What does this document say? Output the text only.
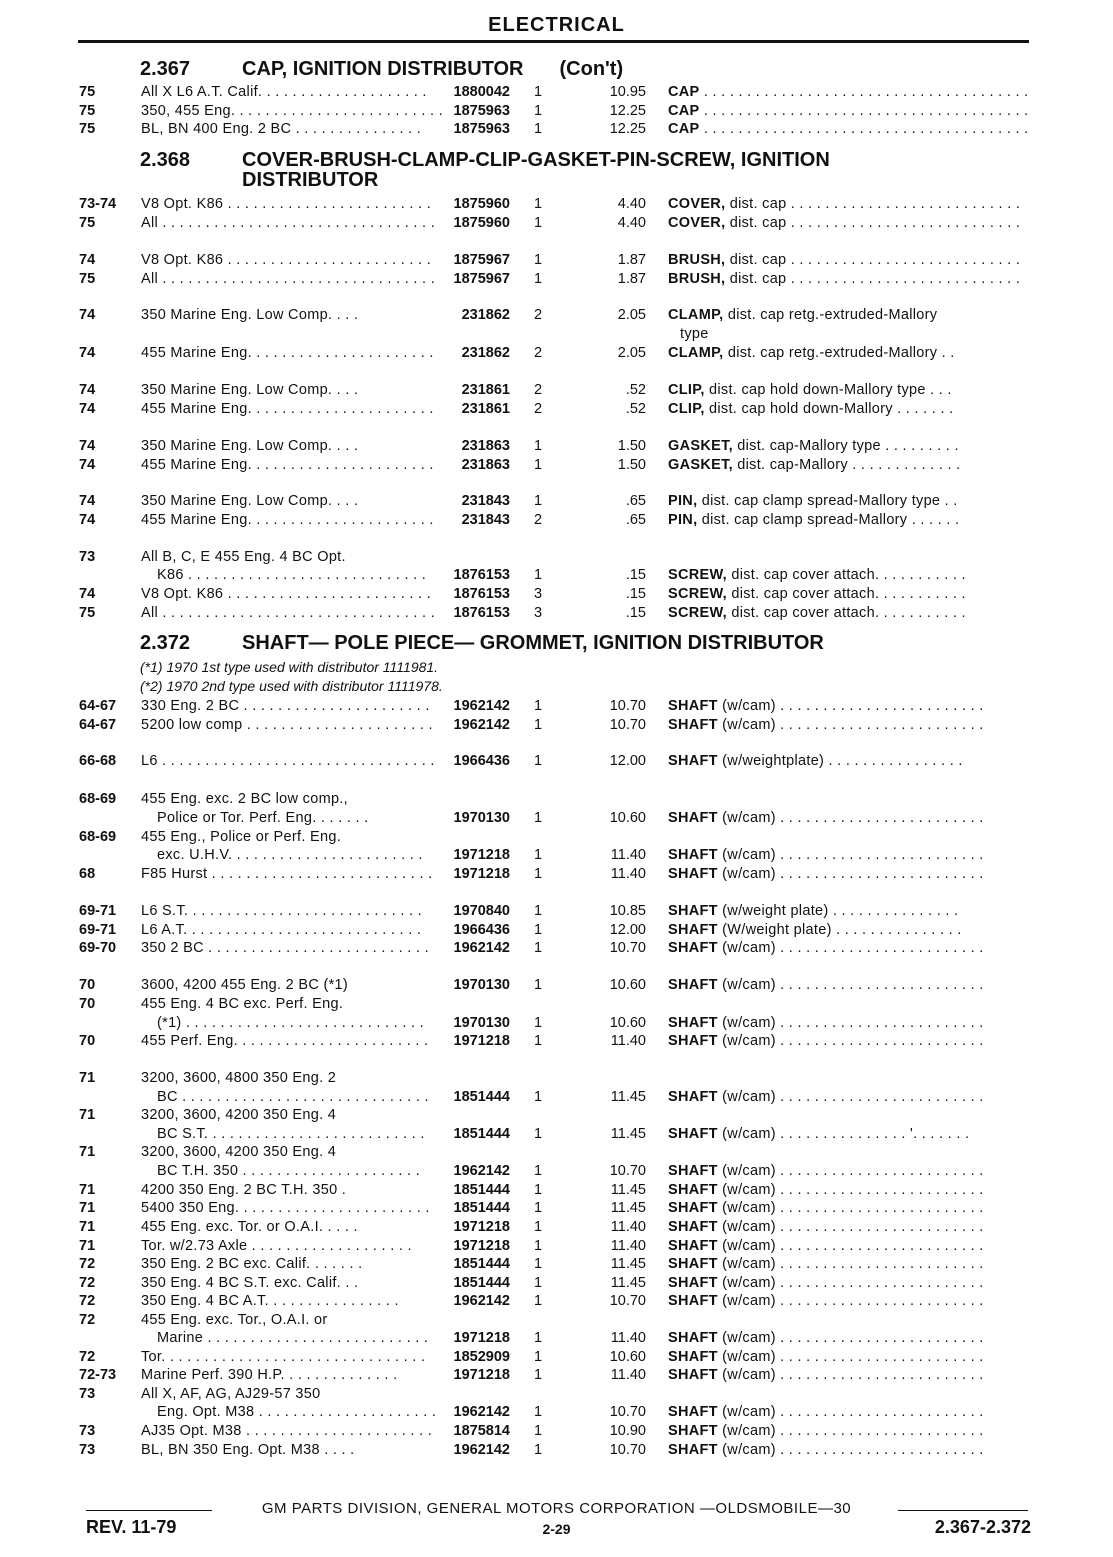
ELECTRICAL
2.367	CAP, IGNITION DISTRIBUTOR (Con't)
2.368	COVER-BRUSH-CLAMP-CLIP-GASKET-PIN-SCREW, IGNITION
DISTRIBUTOR
2.372	SHAFT— POLE PIECE— GROMMET, IGNITION DISTRIBUTOR
(*1) 1970 1st type used with distributor 1111981.
(*2) 1970 2nd type used with distributor 1111978.
75	All X L6 A.T. Calif. . . . . . . . . . . . . . . . . . . .	1880042 1	10.95 CAP . . . . . . . . . . . . . . . . . . . . . . . . . . . . . . . . . . . . . .
75	350, 455 Eng. . . . . . . . . . . . . . . . . . . . . . . . . 1875963 1	12.25 CAP . . . . . . . . . . . . . . . . . . . . . . . . . . . . . . . . . . . . . .
75	BL, BN 400 Eng. 2 BC . . . . . . . . . . . . . . .	1875963 1	12.25 CAP . . . . . . . . . . . . . . . . . . . . . . . . . . . . . . . . . . . . . .
73-74 V8 Opt. K86 . . . . . . . . . . . . . . . . . . . . . . . .	1875960 1	4.40 COVER, dist. cap . . . . . . . . . . . . . . . . . . . . . . . . . . .
75	All . . . . . . . . . . . . . . . . . . . . . . . . . . . . . . . .	1875960 1	4.40 COVER, dist. cap . . . . . . . . . . . . . . . . . . . . . . . . . . .
74	V8 Opt. K86 . . . . . . . . . . . . . . . . . . . . . . . .	1875967 1	1.87 BRUSH, dist. cap . . . . . . . . . . . . . . . . . . . . . . . . . . .
75	All . . . . . . . . . . . . . . . . . . . . . . . . . . . . . . . .	1875967 1	1.87 BRUSH, dist. cap . . . . . . . . . . . . . . . . . . . . . . . . . . .
74	350 Marine Eng. Low Comp. . . .	231862 2	2.05 CLAMP, dist. cap retg.-extruded-Mallory
type
74	455 Marine Eng. . . . . . . . . . . . . . . . . . . . . .	231862 2	2.05 CLAMP, dist. cap retg.-extruded-Mallory . .
74	350 Marine Eng. Low Comp. . . .	231861 2	.52 CLIP, dist. cap hold down-Mallory type . . .
74	455 Marine Eng. . . . . . . . . . . . . . . . . . . . . .	231861 2	.52 CLIP, dist. cap hold down-Mallory . . . . . . .
74	350 Marine Eng. Low Comp. . . .	231863 1	1.50 GASKET, dist. cap-Mallory type . . . . . . . . .
74	455 Marine Eng. . . . . . . . . . . . . . . . . . . . . .	231863 1	1.50 GASKET, dist. cap-Mallory . . . . . . . . . . . . .
74	350 Marine Eng. Low Comp. . . .	231843 1	.65 PIN, dist. cap clamp spread-Mallory type . .
74	455 Marine Eng. . . . . . . . . . . . . . . . . . . . . .	231843 2	.65 PIN, dist. cap clamp spread-Mallory . . . . . .
73	All B, C, E 455 Eng. 4 BC Opt.
K86 . . . . . . . . . . . . . . . . . . . . . . . . . . . .	1876153 1	.15 SCREW, dist. cap cover attach. . . . . . . . . . .
74	V8 Opt. K86 . . . . . . . . . . . . . . . . . . . . . . . .	1876153 3	.15 SCREW, dist. cap cover attach. . . . . . . . . . .
75	All . . . . . . . . . . . . . . . . . . . . . . . . . . . . . . . .	1876153 3	.15 SCREW, dist. cap cover attach. . . . . . . . . . .
64-67 330 Eng. 2 BC . . . . . . . . . . . . . . . . . . . . . .	1962142 1	10.70 SHAFT (w/cam) . . . . . . . . . . . . . . . . . . . . . . . .
64-67 5200 low comp . . . . . . . . . . . . . . . . . . . . . .	1962142 1	10.70 SHAFT (w/cam) . . . . . . . . . . . . . . . . . . . . . . . .
66-68 L6 . . . . . . . . . . . . . . . . . . . . . . . . . . . . . . . .	1966436 1	12.00 SHAFT (w/weightplate) . . . . . . . . . . . . . . . .
68-69 455 Eng. exc. 2 BC low comp.,
Police or Tor. Perf. Eng. . . . . . .	1970130 1	10.60 SHAFT (w/cam) . . . . . . . . . . . . . . . . . . . . . . . .
68-69 455 Eng., Police or Perf. Eng.
exc. U.H.V. . . . . . . . . . . . . . . . . . . . . . .	1971218 1	11.40 SHAFT (w/cam) . . . . . . . . . . . . . . . . . . . . . . . .
68	F85 Hurst . . . . . . . . . . . . . . . . . . . . . . . . . .	1971218 1	11.40 SHAFT (w/cam) . . . . . . . . . . . . . . . . . . . . . . . .
69-71 L6 S.T. . . . . . . . . . . . . . . . . . . . . . . . . . . .	1970840 1	10.85 SHAFT (w/weight plate) . . . . . . . . . . . . . . .
69-71 L6 A.T. . . . . . . . . . . . . . . . . . . . . . . . . . . .	1966436 1	12.00 SHAFT (W/weight plate) . . . . . . . . . . . . . . .
69-70 350 2 BC . . . . . . . . . . . . . . . . . . . . . . . . . .	1962142 1	10.70 SHAFT (w/cam) . . . . . . . . . . . . . . . . . . . . . . . .
70	3600, 4200 455 Eng. 2 BC (*1)	1970130 1	10.60 SHAFT (w/cam) . . . . . . . . . . . . . . . . . . . . . . . .
70	455 Eng. 4 BC exc. Perf. Eng.
(*1) . . . . . . . . . . . . . . . . . . . . . . . . . . . .	1970130 1	10.60 SHAFT (w/cam) . . . . . . . . . . . . . . . . . . . . . . . .
70	455 Perf. Eng. . . . . . . . . . . . . . . . . . . . . . .	1971218 1	11.40 SHAFT (w/cam) . . . . . . . . . . . . . . . . . . . . . . . .
71	3200, 3600, 4800 350 Eng. 2
BC . . . . . . . . . . . . . . . . . . . . . . . . . . . . .	1851444 1	11.45 SHAFT (w/cam) . . . . . . . . . . . . . . . . . . . . . . . .
71	3200, 3600, 4200 350 Eng. 4
BC S.T. . . . . . . . . . . . . . . . . . . . . . . . . .	1851444 1	11.45 SHAFT (w/cam) . . . . . . . . . . . . . . . '. . . . . . .
71	3200, 3600, 4200 350 Eng. 4
BC T.H. 350 . . . . . . . . . . . . . . . . . . . . .	1962142 1	10.70 SHAFT (w/cam) . . . . . . . . . . . . . . . . . . . . . . . .
71	4200 350 Eng. 2 BC T.H. 350 .	1851444 1	11.45 SHAFT (w/cam) . . . . . . . . . . . . . . . . . . . . . . . .
71	5400 350 Eng. . . . . . . . . . . . . . . . . . . . . . .	1851444 1	11.45 SHAFT (w/cam) . . . . . . . . . . . . . . . . . . . . . . . .
71	455 Eng. exc. Tor. or O.A.I. . . . .	1971218 1	11.40 SHAFT (w/cam) . . . . . . . . . . . . . . . . . . . . . . . .
71	Tor. w/2.73 Axle . . . . . . . . . . . . . . . . . . .	1971218 1	11.40 SHAFT (w/cam) . . . . . . . . . . . . . . . . . . . . . . . .
72	350 Eng. 2 BC exc. Calif. . . . . . .	1851444 1	11.45 SHAFT (w/cam) . . . . . . . . . . . . . . . . . . . . . . . .
72	350 Eng. 4 BC S.T. exc. Calif. . .	1851444 1	11.45 SHAFT (w/cam) . . . . . . . . . . . . . . . . . . . . . . . .
72	350 Eng. 4 BC A.T. . . . . . . . . . . . . . . .	1962142 1	10.70 SHAFT (w/cam) . . . . . . . . . . . . . . . . . . . . . . . .
72	455 Eng. exc. Tor., O.A.I. or
Marine . . . . . . . . . . . . . . . . . . . . . . . . . .	1971218 1	11.40 SHAFT (w/cam) . . . . . . . . . . . . . . . . . . . . . . . .
72	Tor. . . . . . . . . . . . . . . . . . . . . . . . . . . . . . .	1852909 1	10.60 SHAFT (w/cam) . . . . . . . . . . . . . . . . . . . . . . . .
72-73 Marine Perf. 390 H.P. . . . . . . . . . . . . .	1971218 1	11.40 SHAFT (w/cam) . . . . . . . . . . . . . . . . . . . . . . . .
73	All X, AF, AG, AJ29-57 350
Eng. Opt. M38 . . . . . . . . . . . . . . . . . . . . .	1962142 1	10.70 SHAFT (w/cam) . . . . . . . . . . . . . . . . . . . . . . . .
73	AJ35 Opt. M38 . . . . . . . . . . . . . . . . . . . . . .	1875814 1	10.90 SHAFT (w/cam) . . . . . . . . . . . . . . . . . . . . . . . .
73	BL, BN 350 Eng. Opt. M38 . . . .	1962142 1	10.70 SHAFT (w/cam) . . . . . . . . . . . . . . . . . . . . . . . .
GM PARTS DIVISION, GENERAL MOTORS CORPORATION —OLDSMOBILE—30
REV. 11-79	2-29	2.367-2.372
